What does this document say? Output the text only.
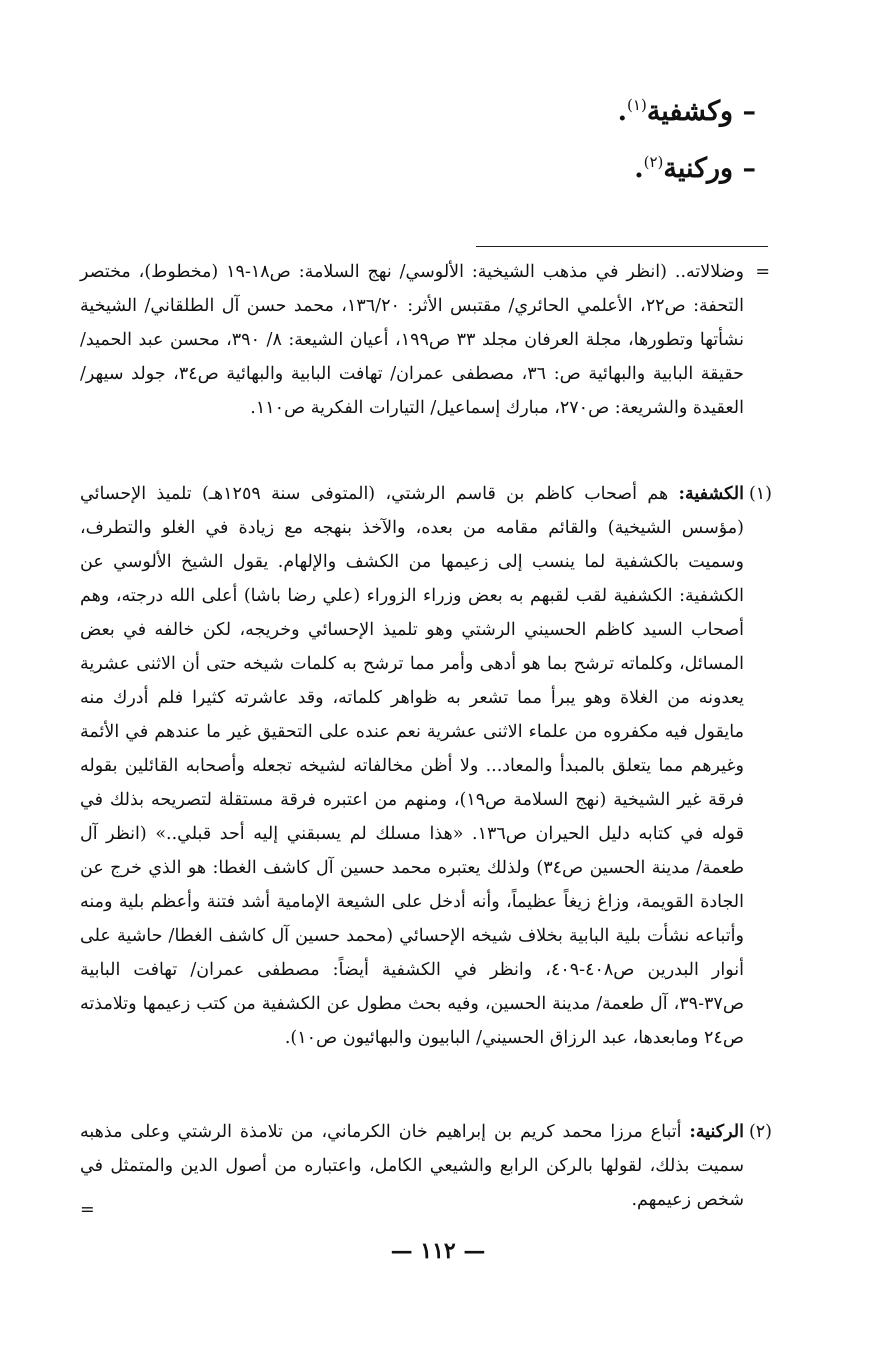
– وكشفية$^{(١)}$.
– وركنية$^{(٢)}$.
=
وضلالاته.. (انظر في مذهب الشيخية: الألوسي/ نهج السلامة: ص١٨-١٩ (مخطوط)، مختصر التحفة: ص٢٢، الأعلمي الحائري/ مقتبس الأثر: ١٣٦/٢٠، محمد حسن آل الطلقاني/ الشيخية نشأتها وتطورها، مجلة العرفان مجلد ٣٣ ص١٩٩، أعيان الشيعة: ٨/ ٣٩٠، محسن عبد الحميد/ حقيقة البابية والبهائية ص: ٣٦، مصطفى عمران/ تهافت البابية والبهائية ص٣٤، جولد سيهر/ العقيدة والشريعة: ص٢٧٠، مبارك إسماعيل/ التيارات الفكرية ص١١٠.
(١)
الكشفية: هم أصحاب كاظم بن قاسم الرشتي، (المتوفى سنة ١٢٥٩هـ) تلميذ الإحسائي (مؤسس الشيخية) والقائم مقامه من بعده، والآخذ بنهجه مع زيادة في الغلو والتطرف، وسميت بالكشفية لما ينسب إلى زعيمها من الكشف والإلهام. يقول الشيخ الألوسي عن الكشفية: الكشفية لقب لقبهم به بعض وزراء الزوراء (علي رضا باشا) أعلى الله درجته، وهم أصحاب السيد كاظم الحسيني الرشتي وهو تلميذ الإحسائي وخريجه، لكن خالفه في بعض المسائل، وكلماته ترشح بما هو أدهى وأمر مما ترشح به كلمات شيخه حتى أن الاثنى عشرية يعدونه من الغلاة وهو يبرأ مما تشعر به ظواهر كلماته، وقد عاشرته كثيرا فلم أدرك منه مايقول فيه مكفروه من علماء الاثنى عشرية نعم عنده على التحقيق غير ما عندهم في الأئمة وغيرهم مما يتعلق بالمبدأ والمعاد... ولا أظن مخالفاته لشيخه تجعله وأصحابه القائلين بقوله فرقة غير الشيخية (نهج السلامة ص١٩)، ومنهم من اعتبره فرقة مستقلة لتصريحه بذلك في قوله في كتابه دليل الحيران ص١٣٦. «هذا مسلك لم يسبقني إليه أحد قبلي..» (انظر آل طعمة/ مدينة الحسين ص٣٤) ولذلك يعتبره محمد حسين آل كاشف الغطا: هو الذي خرج عن الجادة القويمة، وزاغ زيغاً عظيماً، وأنه أدخل على الشيعة الإمامية أشد فتنة وأعظم بلية ومنه وأتباعه نشأت بلية البابية بخلاف شيخه الإحسائي (محمد حسين آل كاشف الغطا/ حاشية على أنوار البدرين ص٤٠٨-٤٠٩، وانظر في الكشفية أيضاً: مصطفى عمران/ تهافت البابية ص٣٧-٣٩، آل طعمة/ مدينة الحسين، وفيه بحث مطول عن الكشفية من كتب زعيمها وتلامذته ص٢٤ ومابعدها، عبد الرزاق الحسيني/ البابيون والبهائيون ص١٠).
(٢)
الركنية: أتباع مرزا محمد كريم بن إبراهيم خان الكرماني، من تلامذة الرشتي وعلى مذهبه سميت بذلك، لقولها بالركن الرابع والشيعي الكامل، واعتباره من أصول الدين والمتمثل في شخص زعيمهم.
=
— ١١٢ —
